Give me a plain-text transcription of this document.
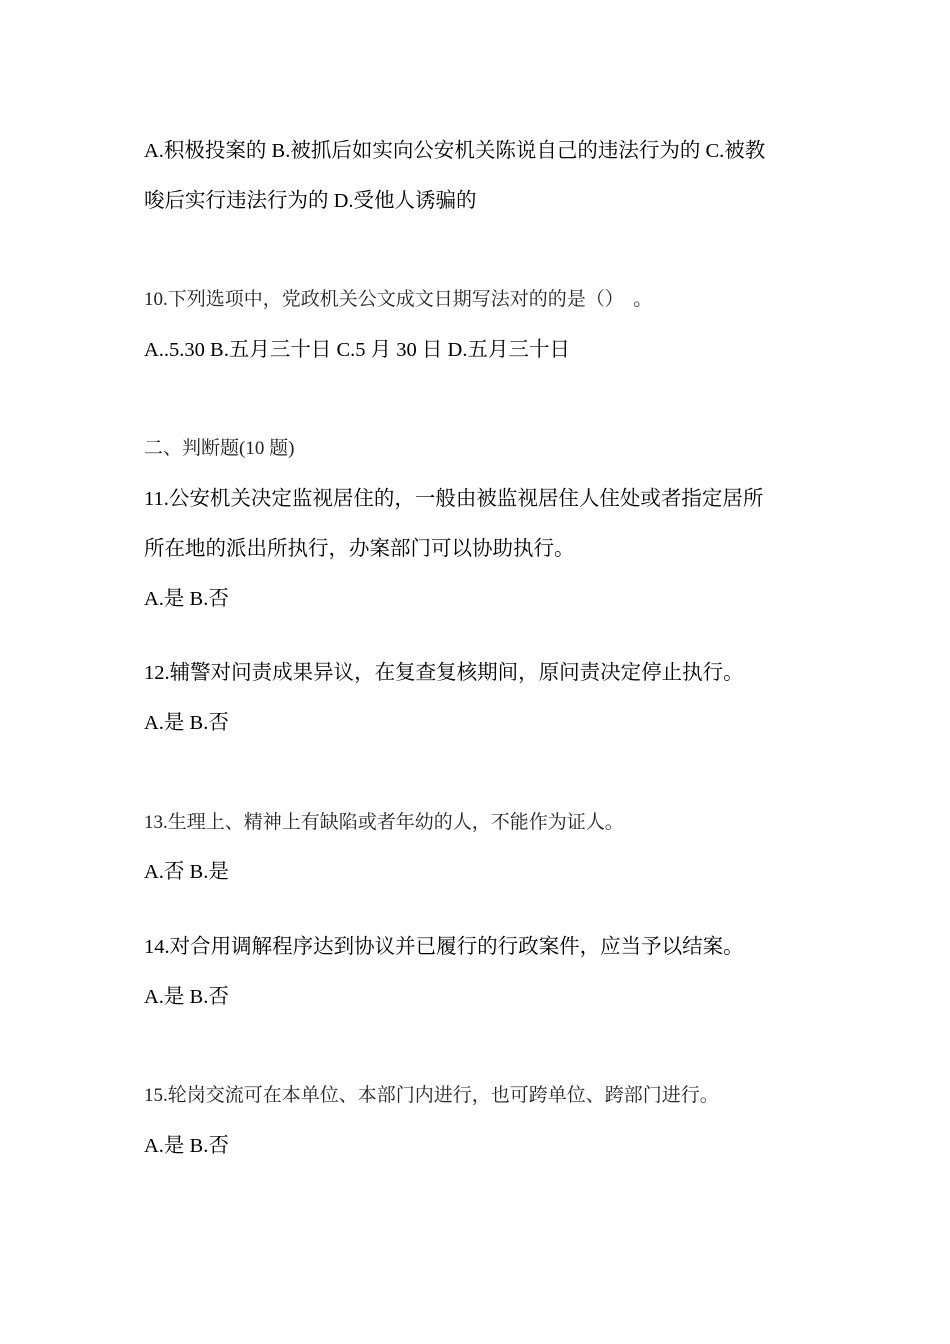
A.积极投案的 B.被抓后如实向公安机关陈说自己的违法行为的 C.被教
唆后实行违法行为的 D.受他人诱骗的
10.下列选项中，党政机关公文成文日期写法对的的是（）　。
A..5.30 B.五月三十日 C.5 月 30 日 D.五月三十日
二、判断题(10 题)
11.公安机关决定监视居住的，一般由被监视居住人住处或者指定居所
所在地的派出所执行，办案部门可以协助执行。
A.是 B.否
12.辅警对问责成果异议，在复查复核期间，原问责决定停止执行。
A.是 B.否
13.生理上、精神上有缺陷或者年幼的人，不能作为证人。
A.否 B.是
14.对合用调解程序达到协议并已履行的行政案件，应当予以结案。
A.是 B.否
15.轮岗交流可在本单位、本部门内进行，也可跨单位、跨部门进行。
A.是 B.否
